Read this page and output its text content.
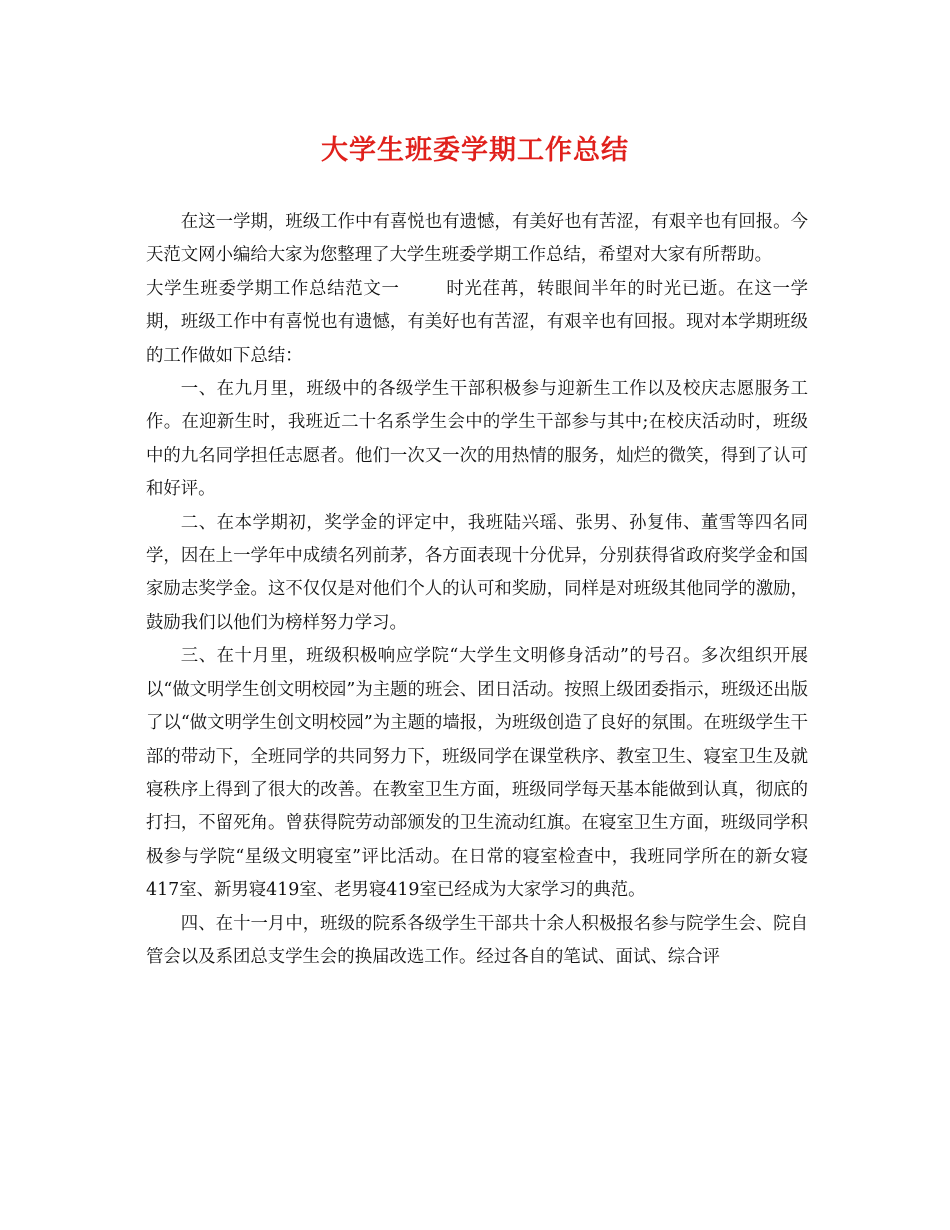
大学生班委学期工作总结

在这一学期，班级工作中有喜悦也有遗憾，有美好也有苦涩，有艰辛也有回报。今天范文网小编给大家为您整理了大学生班委学期工作总结，希望对大家有所帮助。

大学生班委学期工作总结范文一	时光荏苒，转眼间半年的时光已逝。在这一学期，班级工作中有喜悦也有遗憾，有美好也有苦涩，有艰辛也有回报。现对本学期班级的工作做如下总结：

一、在九月里，班级中的各级学生干部积极参与迎新生工作以及校庆志愿服务工作。在迎新生时，我班近二十名系学生会中的学生干部参与其中;在校庆活动时，班级中的九名同学担任志愿者。他们一次又一次的用热情的服务，灿烂的微笑，得到了认可和好评。

二、在本学期初，奖学金的评定中，我班陆兴瑶、张男、孙复伟、董雪等四名同学，因在上一学年中成绩名列前茅，各方面表现十分优异，分别获得省政府奖学金和国家励志奖学金。这不仅仅是对他们个人的认可和奖励，同样是对班级其他同学的激励，鼓励我们以他们为榜样努力学习。

三、在十月里，班级积极响应学院“大学生文明修身活动”的号召。多次组织开展以“做文明学生创文明校园”为主题的班会、团日活动。按照上级团委指示，班级还出版了以“做文明学生创文明校园”为主题的墙报，为班级创造了良好的氛围。在班级学生干部的带动下，全班同学的共同努力下，班级同学在课堂秩序、教室卫生、寝室卫生及就寝秩序上得到了很大的改善。在教室卫生方面，班级同学每天基本能做到认真，彻底的打扫，不留死角。曾获得院劳动部颁发的卫生流动红旗。在寝室卫生方面，班级同学积极参与学院“星级文明寝室”评比活动。在日常的寝室检查中，我班同学所在的新女寝417室、新男寝419室、老男寝419室已经成为大家学习的典范。

四、在十一月中，班级的院系各级学生干部共十余人积极报名参与院学生会、院自管会以及系团总支学生会的换届改选工作。经过各自的笔试、面试、综合评
